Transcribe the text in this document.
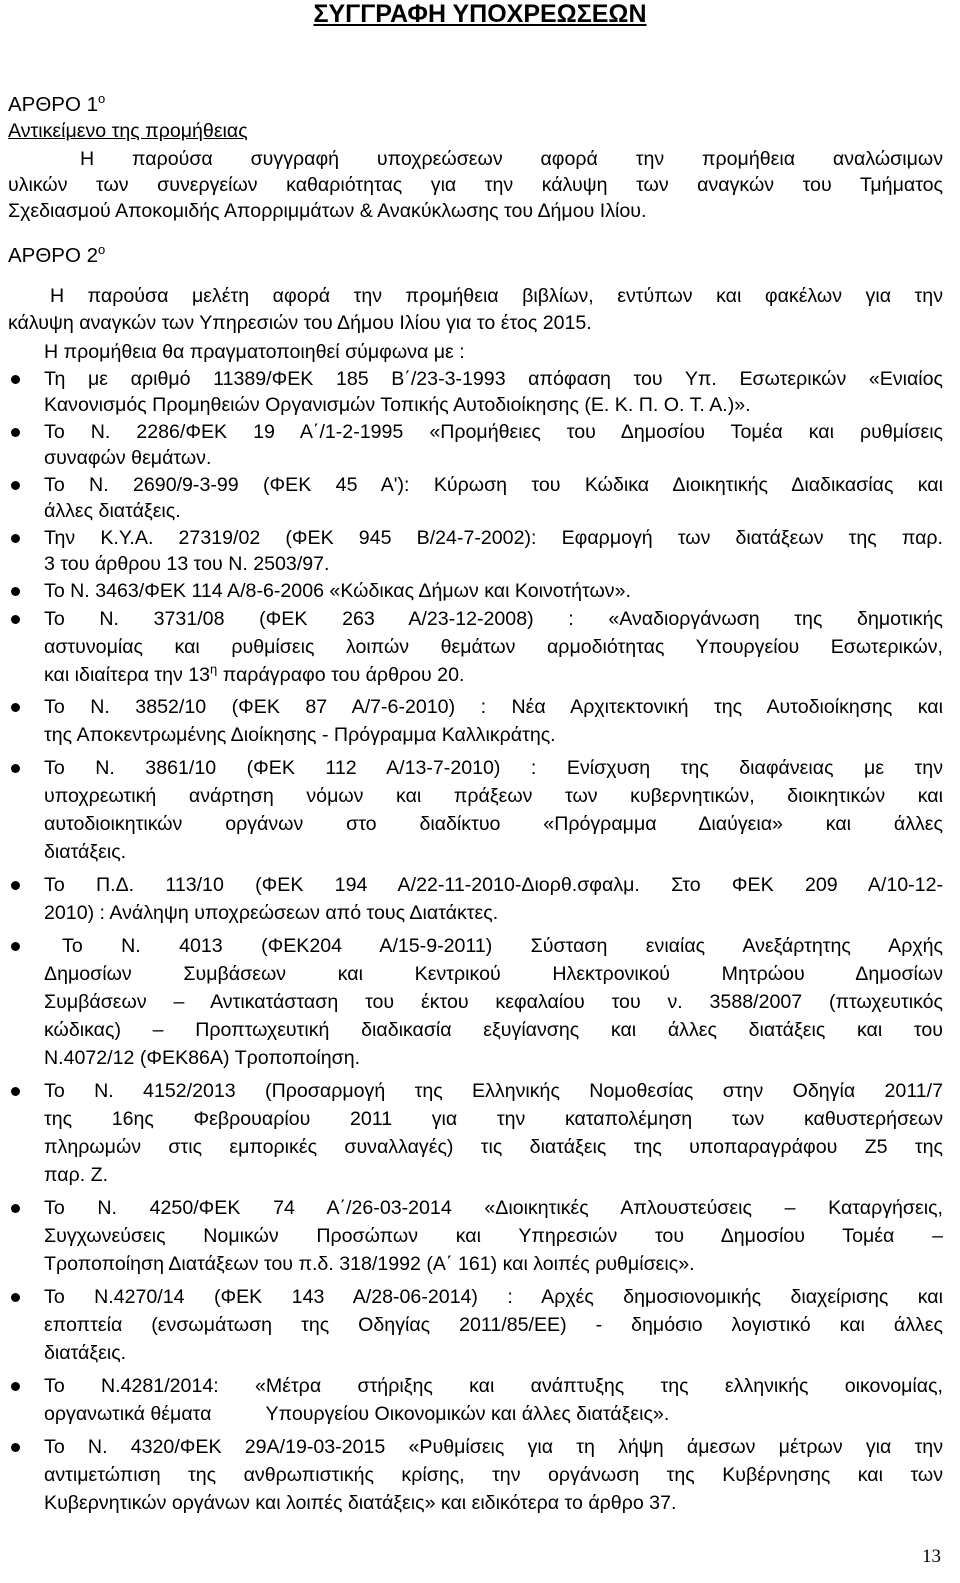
ΣΥΓΓΡΑΦΗ ΥΠΟΧΡΕΩΣΕΩΝ
ΑΡΘΡΟ $1^o$
Αντικείμενο της προμήθειας
Η παρούσα συγγραφή υποχρεώσεων αφορά την προμήθεια αναλώσιμων
υλικών των συνεργείων καθαριότητας για την κάλυψη των αναγκών του Τμήματος
Σχεδιασμού Αποκομιδής Απορριμμάτων & Ανακύκλωσης του Δήμου Ιλίου.
ΑΡΘΡΟ $2^o$
Η παρούσα μελέτη αφορά την προμήθεια βιβλίων, εντύπων και φακέλων για την
κάλυψη αναγκών των Υπηρεσιών του Δήμου Ιλίου για το έτος 2015.
Η προμήθεια θα πραγματοποιηθεί σύμφωνα με :
Τη με αριθμό 11389/ΦΕΚ 185 Β΄/23-3-1993 απόφαση του Υπ. Εσωτερικών «Ενιαίος
Κανονισμός Προμηθειών Οργανισμών Τοπικής Αυτοδιοίκησης (Ε. Κ. Π. Ο. Τ. Α.)».
Το Ν. 2286/ΦΕΚ 19 Α΄/1-2-1995 «Προμήθειες του Δημοσίου Τομέα και ρυθμίσεις
συναφών θεμάτων.
Το Ν. 2690/9-3-99 (ΦΕΚ 45 Α'): Κύρωση του Κώδικα Διοικητικής Διαδικασίας και
άλλες διατάξεις.
Την Κ.Υ.Α. 27319/02 (ΦΕΚ 945 Β/24-7-2002): Εφαρμογή των διατάξεων της παρ.
3 του άρθρου 13 του Ν. 2503/97.
Το Ν. 3463/ΦΕΚ 114 Α/8-6-2006 «Κώδικας Δήμων και Κοινοτήτων».
Το Ν. 3731/08 (ΦΕΚ 263 Α/23-12-2008) : «Αναδιοργάνωση της δημοτικής
αστυνομίας και ρυθμίσεις λοιπών θεμάτων αρμοδιότητας Υπουργείου Εσωτερικών,
και ιδιαίτερα την $13^\eta$ παράγραφο του άρθρου 20.
Το Ν. 3852/10 (ΦΕΚ 87 Α/7-6-2010) : Νέα Αρχιτεκτονική της Αυτοδιοίκησης και
της Αποκεντρωμένης Διοίκησης - Πρόγραμμα Καλλικράτης.
Το Ν. 3861/10 (ΦΕΚ 112 Α/13-7-2010) : Ενίσχυση της διαφάνειας με την
υποχρεωτική ανάρτηση νόμων και πράξεων των κυβερνητικών, διοικητικών και
αυτοδιοικητικών οργάνων στο διαδίκτυο «Πρόγραμμα Διαύγεια» και άλλες
διατάξεις.
Το Π.Δ. 113/10 (ΦΕΚ 194 Α/22-11-2010-Διορθ.σφαλμ. Στο ΦΕΚ 209 Α/10-12-
2010) : Ανάληψη υποχρεώσεων από τους Διατάκτες.
Το Ν. 4013 (ΦΕΚ204 Α/15-9-2011) Σύσταση ενιαίας Ανεξάρτητης Αρχής
Δημοσίων Συμβάσεων και Κεντρικού Ηλεκτρονικού Μητρώου Δημοσίων
Συμβάσεων – Αντικατάσταση του έκτου κεφαλαίου του ν. 3588/2007 (πτωχευτικός
κώδικας) – Προπτωχευτική διαδικασία εξυγίανσης και άλλες διατάξεις και του
Ν.4072/12 (ΦΕΚ86Α) Τροποποίηση.
Το Ν. 4152/2013 (Προσαρμογή της Ελληνικής Νομοθεσίας στην Οδηγία 2011/7
της 16ης Φεβρουαρίου 2011 για την καταπολέμηση των καθυστερήσεων
πληρωμών στις εμπορικές συναλλαγές) τις διατάξεις της υποπαραγράφου Ζ5 της
παρ. Ζ.
Το Ν. 4250/ΦΕΚ 74 Α΄/26-03-2014 «Διοικητικές Απλουστεύσεις – Καταργήσεις,
Συγχωνεύσεις Νομικών Προσώπων και Υπηρεσιών του Δημοσίου Τομέα –
Τροποποίηση Διατάξεων του π.δ. 318/1992 (Α΄ 161) και λοιπές ρυθμίσεις».
Το Ν.4270/14 (ΦΕΚ 143 Α/28-06-2014) : Αρχές δημοσιονομικής διαχείρισης και
εποπτεία (ενσωμάτωση της Οδηγίας 2011/85/ΕΕ) - δημόσιο λογιστικό και άλλες
διατάξεις.
Το Ν.4281/2014: «Μέτρα στήριξης και ανάπτυξης της ελληνικής οικονομίας,
οργανωτικά θέματα          Υπουργείου Οικονομικών και άλλες διατάξεις».
Το Ν. 4320/ΦΕΚ 29Α/19-03-2015 «Ρυθμίσεις για τη λήψη άμεσων μέτρων για την
αντιμετώπιση της ανθρωπιστικής κρίσης, την οργάνωση της Κυβέρνησης και των
Κυβερνητικών οργάνων και λοιπές διατάξεις» και ειδικότερα το άρθρο 37.
13
